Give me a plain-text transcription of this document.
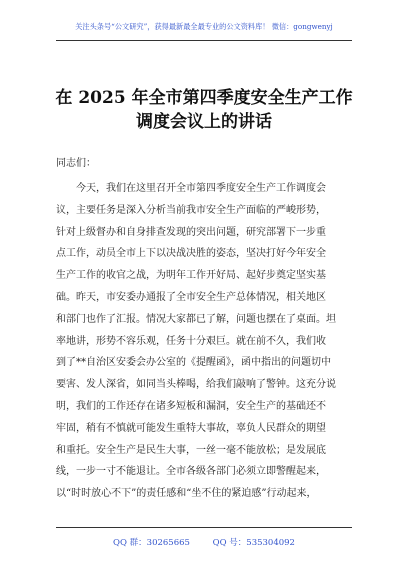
关注头条号“公文研究”，获得最新最全最专业的公文资料库！ 微信：gongwenyj
在 2025 年全市第四季度安全生产工作
调度会议上的讲话
同志们：
今天，我们在这里召开全市第四季度安全生产工作调度会
议，主要任务是深入分析当前我市安全生产面临的严峻形势，
针对上级督办和自身排查发现的突出问题，研究部署下一步重
点工作，动员全市上下以决战决胜的姿态，坚决打好今年安全
生产工作的收官之战，为明年工作开好局、起好步奠定坚实基
础。昨天，市安委办通报了全市安全生产总体情况，相关地区
和部门也作了汇报。情况大家都已了解，问题也摆在了桌面。坦
率地讲，形势不容乐观，任务十分艰巨。就在前不久，我们收
到了**自治区安委会办公室的《提醒函》，函中指出的问题切中
要害、发人深省，如同当头棒喝，给我们敲响了警钟。这充分说
明，我们的工作还存在诸多短板和漏洞，安全生产的基础还不
牢固，稍有不慎就可能发生重特大事故，辜负人民群众的期望
和重托。安全生产是民生大事，一丝一毫不能放松；是发展底
线，一步一寸不能退让。全市各级各部门必须立即警醒起来，
以“时时放心不下”的责任感和“坐不住的紧迫感”行动起来，
QQ 群：30265665	QQ 号：535304092
